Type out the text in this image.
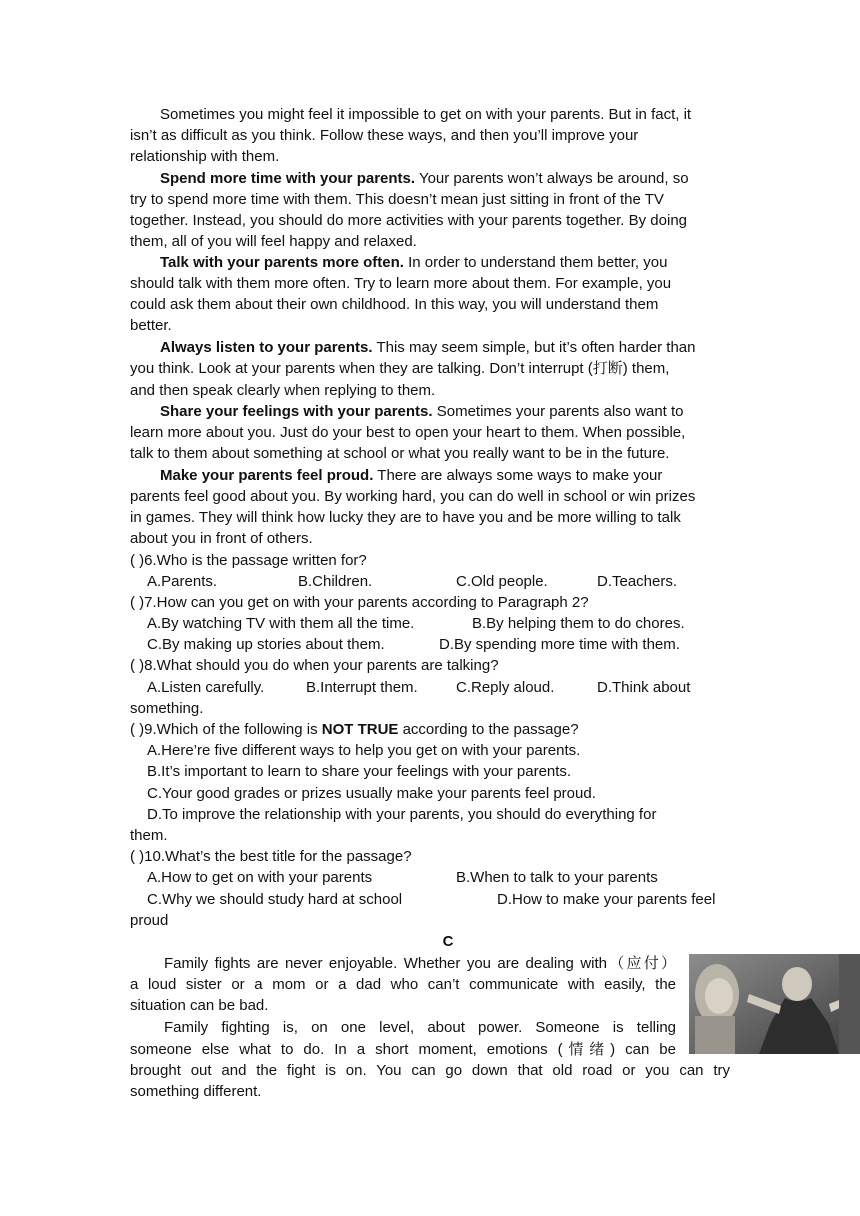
Sometimes you might feel it impossible to get on with your parents. But in fact, it
isn’t as difficult as you think. Follow these ways, and then you’ll improve your
relationship with them.
Spend more time with your parents. Your parents won’t always be around, so
try to spend more time with them. This doesn’t mean just sitting in front of the TV
together. Instead, you should do more activities with your parents together. By doing
them, all of you will feel happy and relaxed.
Talk with your parents more often. In order to understand them better, you
should talk with them more often. Try to learn more about them. For example, you
could ask them about their own childhood. In this way, you will understand them
better.
Always listen to your parents. This may seem simple, but it’s often harder than
you think. Look at your parents when they are talking. Don’t interrupt (打断) them,
and then speak clearly when replying to them.
Share your feelings with your parents. Sometimes your parents also want to
learn more about you. Just do your best to open your heart to them. When possible,
talk to them about something at school or what you really want to be in the future.
Make your parents feel proud. There are always some ways to make your
parents feel good about you. By working hard, you can do well in school or win prizes
in games. They will think how lucky they are to have you and be more willing to talk
about you in front of others.
( )6.Who is the passage written for?
A.Parents.	B.Children.	C.Old people.	D.Teachers.
( )7.How can you get on with your parents according to Paragraph 2?
A.By watching TV with them all the time.	B.By helping them to do chores.
C.By making up stories about them.	D.By spending more time with them.
( )8.What should you do when your parents are talking?
A.Listen carefully.	B.Interrupt them.	C.Reply aloud.	D.Think about
something.
( )9.Which of the following is NOT TRUE according to the passage?
A.Here’re five different ways to help you get on with your parents.
B.It’s important to learn to share your feelings with your parents.
C.Your good grades or prizes usually make your parents feel proud.
D.To improve the relationship with your parents, you should do everything for
them.
( )10.What’s the best title for the passage?
A.How to get on with your parents	B.When to talk to your parents
C.Why we should study hard at school	D.How to make your parents feel
proud
C
Family fights are never enjoyable. Whether you are dealing with（应付）
a loud sister or a mom or a dad who can’t communicate with easily, the
situation can be bad.
Family fighting is, on one level, about power. Someone is telling
someone else what to do. In a short moment, emotions (情绪) can be
brought out and the fight is on. You can go down that old road or you can try
something different.
